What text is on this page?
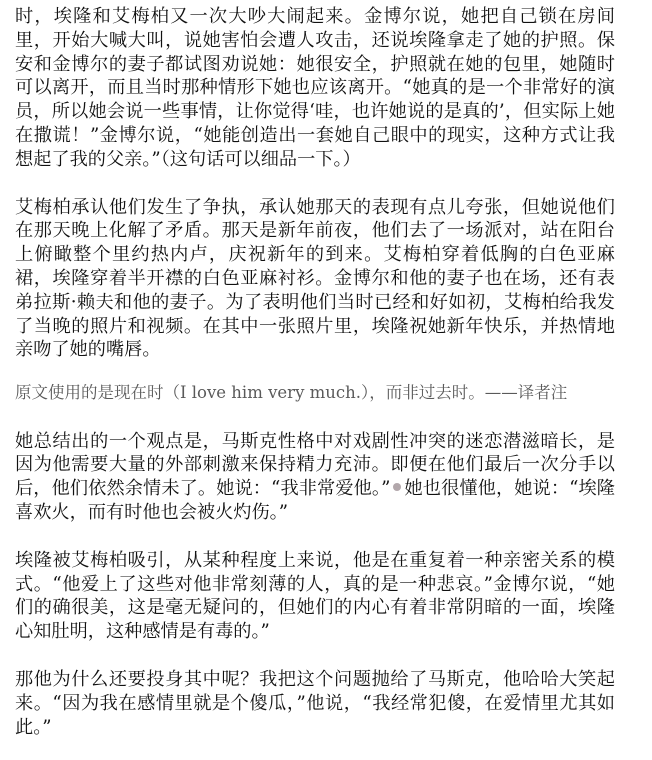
时，埃隆和艾梅柏又一次大吵大闹起来。金博尔说，她把自己锁在房间里，开始大喊大叫，说她害怕会遭人攻击，还说埃隆拿走了她的护照。保安和金博尔的妻子都试图劝说她：她很安全，护照就在她的包里，她随时可以离开，而且当时那种情形下她也应该离开。“她真的是一个非常好的演员，所以她会说一些事情，让你觉得‘哇，也许她说的是真的’，但实际上她在撒谎！”金博尔说，“她能创造出一套她自己眼中的现实，这种方式让我想起了我的父亲。”（这句话可以细品一下。）

艾梅柏承认他们发生了争执，承认她那天的表现有点儿夸张，但她说他们在那天晚上化解了矛盾。那天是新年前夜，他们去了一场派对，站在阳台上俯瞰整个里约热内卢，庆祝新年的到来。艾梅柏穿着低胸的白色亚麻裙，埃隆穿着半开襟的白色亚麻衬衫。金博尔和他的妻子也在场，还有表弟拉斯·赖夫和他的妻子。为了表明他们当时已经和好如初，艾梅柏给我发了当晚的照片和视频。在其中一张照片里，埃隆祝她新年快乐，并热情地亲吻了她的嘴唇。

原文使用的是现在时（I love him very much.），而非过去时。——译者注

她总结出的一个观点是，马斯克性格中对戏剧性冲突的迷恋潜滋暗长，是因为他需要大量的外部刺激来保持精力充沛。即便在他们最后一次分手以后，他们依然余情未了。她说：“我非常爱他。” 她也很懂他，她说：“埃隆喜欢火，而有时他也会被火灼伤。”

埃隆被艾梅柏吸引，从某种程度上来说，他是在重复着一种亲密关系的模式。“他爱上了这些对他非常刻薄的人，真的是一种悲哀。”金博尔说，“她们的确很美，这是毫无疑问的，但她们的内心有着非常阴暗的一面，埃隆心知肚明，这种感情是有毒的。”

那他为什么还要投身其中呢？我把这个问题抛给了马斯克，他哈哈大笑起来。“因为我在感情里就是个傻瓜，”他说，“我经常犯傻，在爱情里尤其如此。”
